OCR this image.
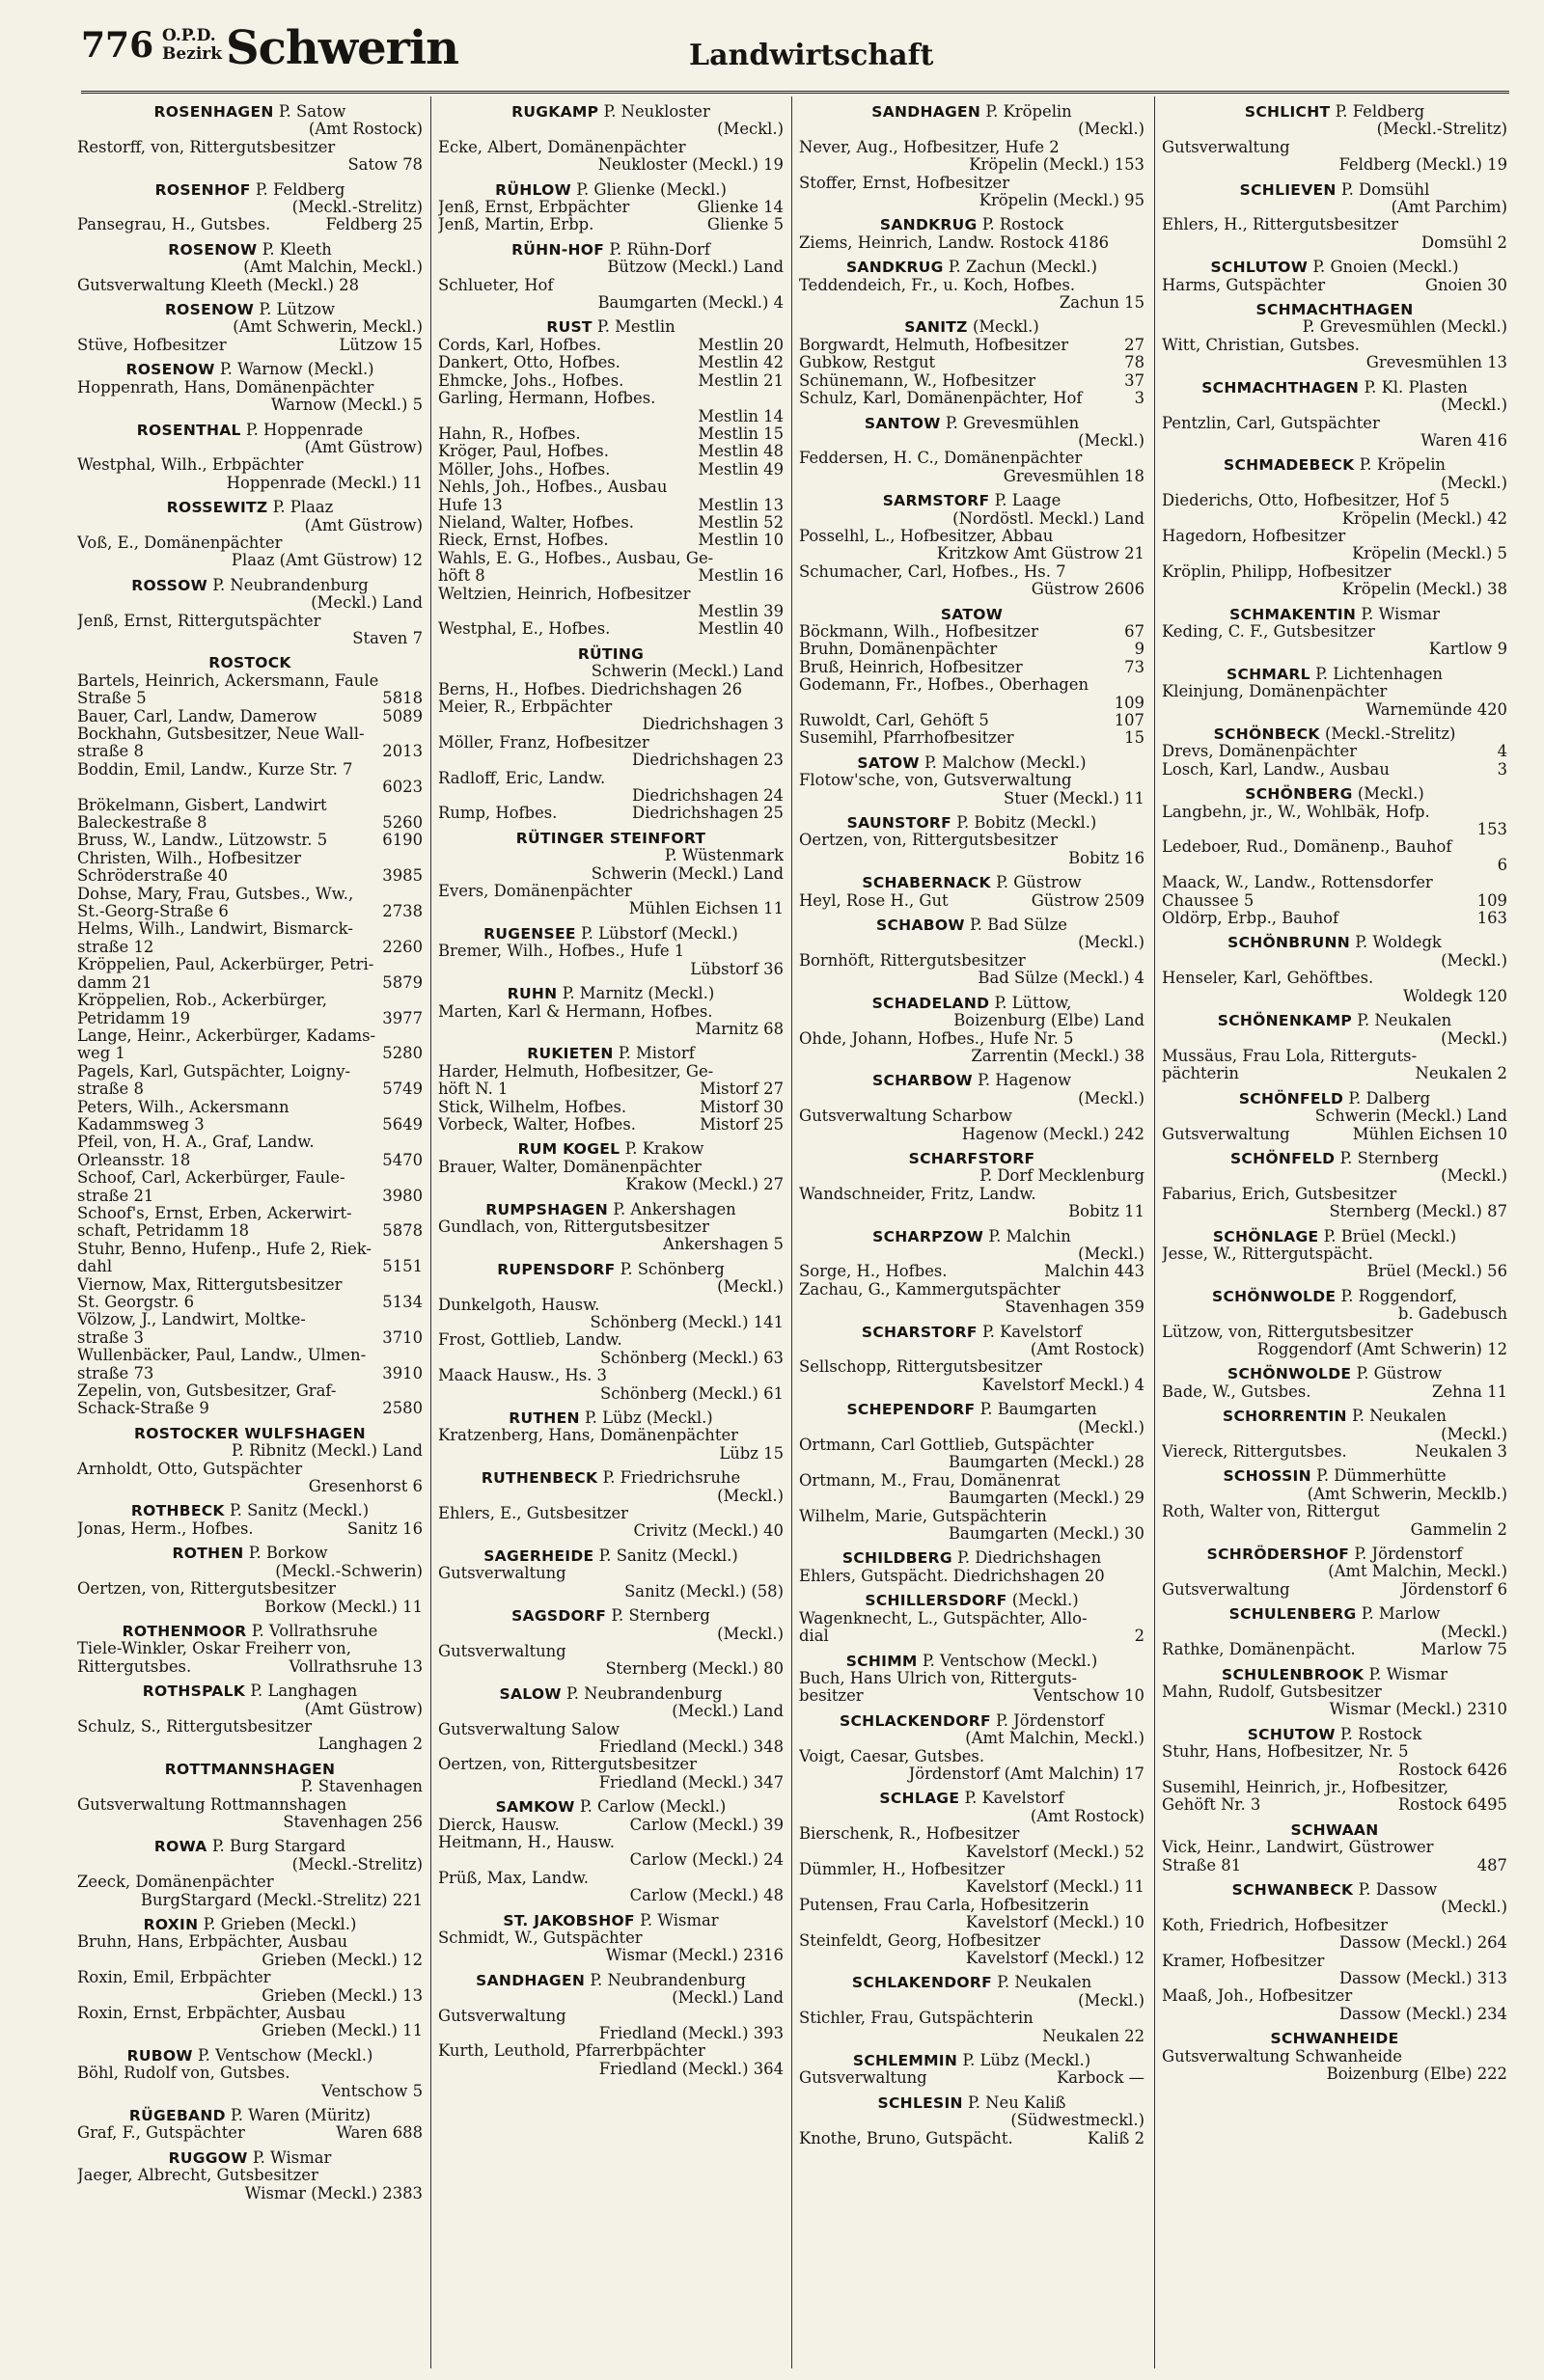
776 O.P.D.
Bezirk Schwerin	Landwirtschaft
ROSENHAGEN P. Satow
(Amt Rostock)
Restorff, von, Rittergutsbesitzer
Satow 78
ROSENHOF P. Feldberg
(Meckl.-Strelitz)
Pansegrau, H., Gutsbes.	Feldberg 25
ROSENOW P. Kleeth
(Amt Malchin, Meckl.)
Gutsverwaltung Kleeth (Meckl.) 28
ROSENOW P. Lützow
(Amt Schwerin, Meckl.)
Stüve, Hofbesitzer	Lützow 15
ROSENOW P. Warnow (Meckl.)
Hoppenrath, Hans, Domänenpächter
Warnow (Meckl.) 5
ROSENTHAL P. Hoppenrade
(Amt Güstrow)
Westphal, Wilh., Erbpächter
Hoppenrade (Meckl.) 11
ROSSEWITZ P. Plaaz
(Amt Güstrow)
Voß, E., Domänenpächter
Plaaz (Amt Güstrow) 12
ROSSOW P. Neubrandenburg
(Meckl.) Land
Jenß, Ernst, Rittergutspächter
Staven 7
ROSTOCK
Bartels, Heinrich, Ackersmann, Faule
Straße 5	5818
Bauer, Carl, Landw, Damerow	5089
Bockhahn, Gutsbesitzer, Neue Wall-
straße 8	2013
Boddin, Emil, Landw., Kurze Str. 7
6023
Brökelmann, Gisbert, Landwirt
Baleckestraße 8	5260
Bruss, W., Landw., Lützowstr. 5	6190
Christen, Wilh., Hofbesitzer
Schröderstraße 40	3985
Dohse, Mary, Frau, Gutsbes., Ww.,
St.-Georg-Straße 6	2738
Helms, Wilh., Landwirt, Bismarck-
straße 12	2260
Kröppelien, Paul, Ackerbürger, Petri-
damm 21	5879
Kröppelien, Rob., Ackerbürger,
Petridamm 19	3977
Lange, Heinr., Ackerbürger, Kadams-
weg 1	5280
Pagels, Karl, Gutspächter, Loigny-
straße 8	5749
Peters, Wilh., Ackersmann
Kadammsweg 3	5649
Pfeil, von, H. A., Graf, Landw.
Orleansstr. 18	5470
Schoof, Carl, Ackerbürger, Faule-
straße 21	3980
Schoof's, Ernst, Erben, Ackerwirt-
schaft, Petridamm 18	5878
Stuhr, Benno, Hufenp., Hufe 2, Riek-
dahl	5151
Viernow, Max, Rittergutsbesitzer
St. Georgstr. 6	5134
Völzow, J., Landwirt, Moltke-
straße 3	3710
Wullenbäcker, Paul, Landw., Ulmen-
straße 73	3910
Zepelin, von, Gutsbesitzer, Graf-
Schack-Straße 9	2580
ROSTOCKER WULFSHAGEN
P. Ribnitz (Meckl.) Land
Arnholdt, Otto, Gutspächter
Gresenhorst 6
ROTHBECK P. Sanitz (Meckl.)
Jonas, Herm., Hofbes.	Sanitz 16
ROTHEN P. Borkow
(Meckl.-Schwerin)
Oertzen, von, Rittergutsbesitzer
Borkow (Meckl.) 11
ROTHENMOOR P. Vollrathsruhe
Tiele-Winkler, Oskar Freiherr von,
Rittergutsbes.	Vollrathsruhe 13
ROTHSPALK P. Langhagen
(Amt Güstrow)
Schulz, S., Rittergutsbesitzer
Langhagen 2
ROTTMANNSHAGEN
P. Stavenhagen
Gutsverwaltung Rottmannshagen
Stavenhagen 256
ROWA P. Burg Stargard
(Meckl.-Strelitz)
Zeeck, Domänenpächter
BurgStargard (Meckl.-Strelitz) 221
ROXIN P. Grieben (Meckl.)
Bruhn, Hans, Erbpächter, Ausbau
Grieben (Meckl.) 12
Roxin, Emil, Erbpächter
Grieben (Meckl.) 13
Roxin, Ernst, Erbpächter, Ausbau
Grieben (Meckl.) 11
RUBOW P. Ventschow (Meckl.)
Böhl, Rudolf von, Gutsbes.
Ventschow 5
RÜGEBAND P. Waren (Müritz)
Graf, F., Gutspächter	Waren 688
RUGGOW P. Wismar
Jaeger, Albrecht, Gutsbesitzer
Wismar (Meckl.) 2383
RUGKAMP P. Neukloster
(Meckl.)
Ecke, Albert, Domänenpächter
Neukloster (Meckl.) 19
RÜHLOW P. Glienke (Meckl.)
Jenß, Ernst, Erbpächter	Glienke 14
Jenß, Martin, Erbp.	Glienke 5
RÜHN-HOF P. Rühn-Dorf
Bützow (Meckl.) Land
Schlueter, Hof
Baumgarten (Meckl.) 4
RUST P. Mestlin
Cords, Karl, Hofbes.	Mestlin 20
Dankert, Otto, Hofbes.	Mestlin 42
Ehmcke, Johs., Hofbes.	Mestlin 21
Garling, Hermann, Hofbes.
Mestlin 14
Hahn, R., Hofbes.	Mestlin 15
Kröger, Paul, Hofbes.	Mestlin 48
Möller, Johs., Hofbes.	Mestlin 49
Nehls, Joh., Hofbes., Ausbau
Hufe 13	Mestlin 13
Nieland, Walter, Hofbes.	Mestlin 52
Rieck, Ernst, Hofbes.	Mestlin 10
Wahls, E. G., Hofbes., Ausbau, Ge-
höft 8	Mestlin 16
Weltzien, Heinrich, Hofbesitzer
Mestlin 39
Westphal, E., Hofbes.	Mestlin 40
RÜTING
Schwerin (Meckl.) Land
Berns, H., Hofbes. Diedrichshagen 26
Meier, R., Erbpächter
Diedrichshagen 3
Möller, Franz, Hofbesitzer
Diedrichshagen 23
Radloff, Eric, Landw.
Diedrichshagen 24
Rump, Hofbes.	Diedrichshagen 25
RÜTINGER STEINFORT
P. Wüstenmark
Schwerin (Meckl.) Land
Evers, Domänenpächter
Mühlen Eichsen 11
RUGENSEE P. Lübstorf (Meckl.)
Bremer, Wilh., Hofbes., Hufe 1
Lübstorf 36
RUHN P. Marnitz (Meckl.)
Marten, Karl & Hermann, Hofbes.
Marnitz 68
RUKIETEN P. Mistorf
Harder, Helmuth, Hofbesitzer, Ge-
höft N. 1	Mistorf 27
Stick, Wilhelm, Hofbes.	Mistorf 30
Vorbeck, Walter, Hofbes.	Mistorf 25
RUM KOGEL P. Krakow
Brauer, Walter, Domänenpächter
Krakow (Meckl.) 27
RUMPSHAGEN P. Ankershagen
Gundlach, von, Rittergutsbesitzer
Ankershagen 5
RUPENSDORF P. Schönberg
(Meckl.)
Dunkelgoth, Hausw.
Schönberg (Meckl.) 141
Frost, Gottlieb, Landw.
Schönberg (Meckl.) 63
Maack Hausw., Hs. 3
Schönberg (Meckl.) 61
RUTHEN P. Lübz (Meckl.)
Kratzenberg, Hans, Domänenpächter
Lübz 15
RUTHENBECK P. Friedrichsruhe
(Meckl.)
Ehlers, E., Gutsbesitzer
Crivitz (Meckl.) 40
SAGERHEIDE P. Sanitz (Meckl.)
Gutsverwaltung
Sanitz (Meckl.) (58)
SAGSDORF P. Sternberg
(Meckl.)
Gutsverwaltung
Sternberg (Meckl.) 80
SALOW P. Neubrandenburg
(Meckl.) Land
Gutsverwaltung Salow
Friedland (Meckl.) 348
Oertzen, von, Rittergutsbesitzer
Friedland (Meckl.) 347
SAMKOW P. Carlow (Meckl.)
Dierck, Hausw.	Carlow (Meckl.) 39
Heitmann, H., Hausw.
Carlow (Meckl.) 24
Prüß, Max, Landw.
Carlow (Meckl.) 48
ST. JAKOBSHOF P. Wismar
Schmidt, W., Gutspächter
Wismar (Meckl.) 2316
SANDHAGEN P. Neubrandenburg
(Meckl.) Land
Gutsverwaltung
Friedland (Meckl.) 393
Kurth, Leuthold, Pfarrerbpächter
Friedland (Meckl.) 364
SANDHAGEN P. Kröpelin
(Meckl.)
Never, Aug., Hofbesitzer, Hufe 2
Kröpelin (Meckl.) 153
Stoffer, Ernst, Hofbesitzer
Kröpelin (Meckl.) 95
SANDKRUG P. Rostock
Ziems, Heinrich, Landw. Rostock 4186
SANDKRUG P. Zachun (Meckl.)
Teddendeich, Fr., u. Koch, Hofbes.
Zachun 15
SANITZ (Meckl.)
Borgwardt, Helmuth, Hofbesitzer	27
Gubkow, Restgut	78
Schünemann, W., Hofbesitzer	37
Schulz, Karl, Domänenpächter, Hof	3
SANTOW P. Grevesmühlen
(Meckl.)
Feddersen, H. C., Domänenpächter
Grevesmühlen 18
SARMSTORF P. Laage
(Nordöstl. Meckl.) Land
Posselhl, L., Hofbesitzer, Abbau
Kritzkow Amt Güstrow 21
Schumacher, Carl, Hofbes., Hs. 7
Güstrow 2606
SATOW
Böckmann, Wilh., Hofbesitzer	67
Bruhn, Domänenpächter	9
Bruß, Heinrich, Hofbesitzer	73
Godemann, Fr., Hofbes., Oberhagen
109
Ruwoldt, Carl, Gehöft 5	107
Susemihl, Pfarrhofbesitzer	15
SATOW P. Malchow (Meckl.)
Flotow'sche, von, Gutsverwaltung
Stuer (Meckl.) 11
SAUNSTORF P. Bobitz (Meckl.)
Oertzen, von, Rittergutsbesitzer
Bobitz 16
SCHABERNACK P. Güstrow
Heyl, Rose H., Gut	Güstrow 2509
SCHABOW P. Bad Sülze
(Meckl.)
Bornhöft, Rittergutsbesitzer
Bad Sülze (Meckl.) 4
SCHADELAND P. Lüttow,
Boizenburg (Elbe) Land
Ohde, Johann, Hofbes., Hufe Nr. 5
Zarrentin (Meckl.) 38
SCHARBOW P. Hagenow
(Meckl.)
Gutsverwaltung Scharbow
Hagenow (Meckl.) 242
SCHARFSTORF
P. Dorf Mecklenburg
Wandschneider, Fritz, Landw.
Bobitz 11
SCHARPZOW P. Malchin
(Meckl.)
Sorge, H., Hofbes.	Malchin 443
Zachau, G., Kammergutspächter
Stavenhagen 359
SCHARSTORF P. Kavelstorf
(Amt Rostock)
Sellschopp, Rittergutsbesitzer
Kavelstorf Meckl.) 4
SCHEPENDORF P. Baumgarten
(Meckl.)
Ortmann, Carl Gottlieb, Gutspächter
Baumgarten (Meckl.) 28
Ortmann, M., Frau, Domänenrat
Baumgarten (Meckl.) 29
Wilhelm, Marie, Gutspächterin
Baumgarten (Meckl.) 30
SCHILDBERG P. Diedrichshagen
Ehlers, Gutspächt. Diedrichshagen 20
SCHILLERSDORF (Meckl.)
Wagenknecht, L., Gutspächter, Allo-
dial	2
SCHIMM P. Ventschow (Meckl.)
Buch, Hans Ulrich von, Ritterguts-
besitzer	Ventschow 10
SCHLACKENDORF P. Jördenstorf
(Amt Malchin, Meckl.)
Voigt, Caesar, Gutsbes.
Jördenstorf (Amt Malchin) 17
SCHLAGE P. Kavelstorf
(Amt Rostock)
Bierschenk, R., Hofbesitzer
Kavelstorf (Meckl.) 52
Dümmler, H., Hofbesitzer
Kavelstorf (Meckl.) 11
Putensen, Frau Carla, Hofbesitzerin
Kavelstorf (Meckl.) 10
Steinfeldt, Georg, Hofbesitzer
Kavelstorf (Meckl.) 12
SCHLAKENDORF P. Neukalen
(Meckl.)
Stichler, Frau, Gutspächterin
Neukalen 22
SCHLEMMIN P. Lübz (Meckl.)
Gutsverwaltung	Karbock —
SCHLESIN P. Neu Kaliß
(Südwestmeckl.)
Knothe, Bruno, Gutspächt.	Kaliß 2
SCHLICHT P. Feldberg
(Meckl.-Strelitz)
Gutsverwaltung
Feldberg (Meckl.) 19
SCHLIEVEN P. Domsühl
(Amt Parchim)
Ehlers, H., Rittergutsbesitzer
Domsühl 2
SCHLUTOW P. Gnoien (Meckl.)
Harms, Gutspächter	Gnoien 30
SCHMACHTHAGEN
P. Grevesmühlen (Meckl.)
Witt, Christian, Gutsbes.
Grevesmühlen 13
SCHMACHTHAGEN P. Kl. Plasten
(Meckl.)
Pentzlin, Carl, Gutspächter
Waren 416
SCHMADEBECK P. Kröpelin
(Meckl.)
Diederichs, Otto, Hofbesitzer, Hof 5
Kröpelin (Meckl.) 42
Hagedorn, Hofbesitzer
Kröpelin (Meckl.) 5
Kröplin, Philipp, Hofbesitzer
Kröpelin (Meckl.) 38
SCHMAKENTIN P. Wismar
Keding, C. F., Gutsbesitzer
Kartlow 9
SCHMARL P. Lichtenhagen
Kleinjung, Domänenpächter
Warnemünde 420
SCHÖNBECK (Meckl.-Strelitz)
Drevs, Domänenpächter	4
Losch, Karl, Landw., Ausbau	3
SCHÖNBERG (Meckl.)
Langbehn, jr., W., Wohlbäk, Hofp.
153
Ledeboer, Rud., Domänenp., Bauhof
6
Maack, W., Landw., Rottensdorfer
Chaussee 5	109
Oldörp, Erbp., Bauhof	163
SCHÖNBRUNN P. Woldegk
(Meckl.)
Henseler, Karl, Gehöftbes.
Woldegk 120
SCHÖNENKAMP P. Neukalen
(Meckl.)
Mussäus, Frau Lola, Ritterguts-
pächterin	Neukalen 2
SCHÖNFELD P. Dalberg
Schwerin (Meckl.) Land
Gutsverwaltung	Mühlen Eichsen 10
SCHÖNFELD P. Sternberg
(Meckl.)
Fabarius, Erich, Gutsbesitzer
Sternberg (Meckl.) 87
SCHÖNLAGE P. Brüel (Meckl.)
Jesse, W., Rittergutspächt.
Brüel (Meckl.) 56
SCHÖNWOLDE P. Roggendorf,
b. Gadebusch
Lützow, von, Rittergutsbesitzer
Roggendorf (Amt Schwerin) 12
SCHÖNWOLDE P. Güstrow
Bade, W., Gutsbes.	Zehna 11
SCHORRENTIN P. Neukalen
(Meckl.)
Viereck, Rittergutsbes.	Neukalen 3
SCHOSSIN P. Dümmerhütte
(Amt Schwerin, Mecklb.)
Roth, Walter von, Rittergut
Gammelin 2
SCHRÖDERSHOF P. Jördenstorf
(Amt Malchin, Meckl.)
Gutsverwaltung	Jördenstorf 6
SCHULENBERG P. Marlow
(Meckl.)
Rathke, Domänenpächt.	Marlow 75
SCHULENBROOK P. Wismar
Mahn, Rudolf, Gutsbesitzer
Wismar (Meckl.) 2310
SCHUTOW P. Rostock
Stuhr, Hans, Hofbesitzer, Nr. 5
Rostock 6426
Susemihl, Heinrich, jr., Hofbesitzer,
Gehöft Nr. 3	Rostock 6495
SCHWAAN
Vick, Heinr., Landwirt, Güstrower
Straße 81	487
SCHWANBECK P. Dassow
(Meckl.)
Koth, Friedrich, Hofbesitzer
Dassow (Meckl.) 264
Kramer, Hofbesitzer
Dassow (Meckl.) 313
Maaß, Joh., Hofbesitzer
Dassow (Meckl.) 234
SCHWANHEIDE
Gutsverwaltung Schwanheide
Boizenburg (Elbe) 222
